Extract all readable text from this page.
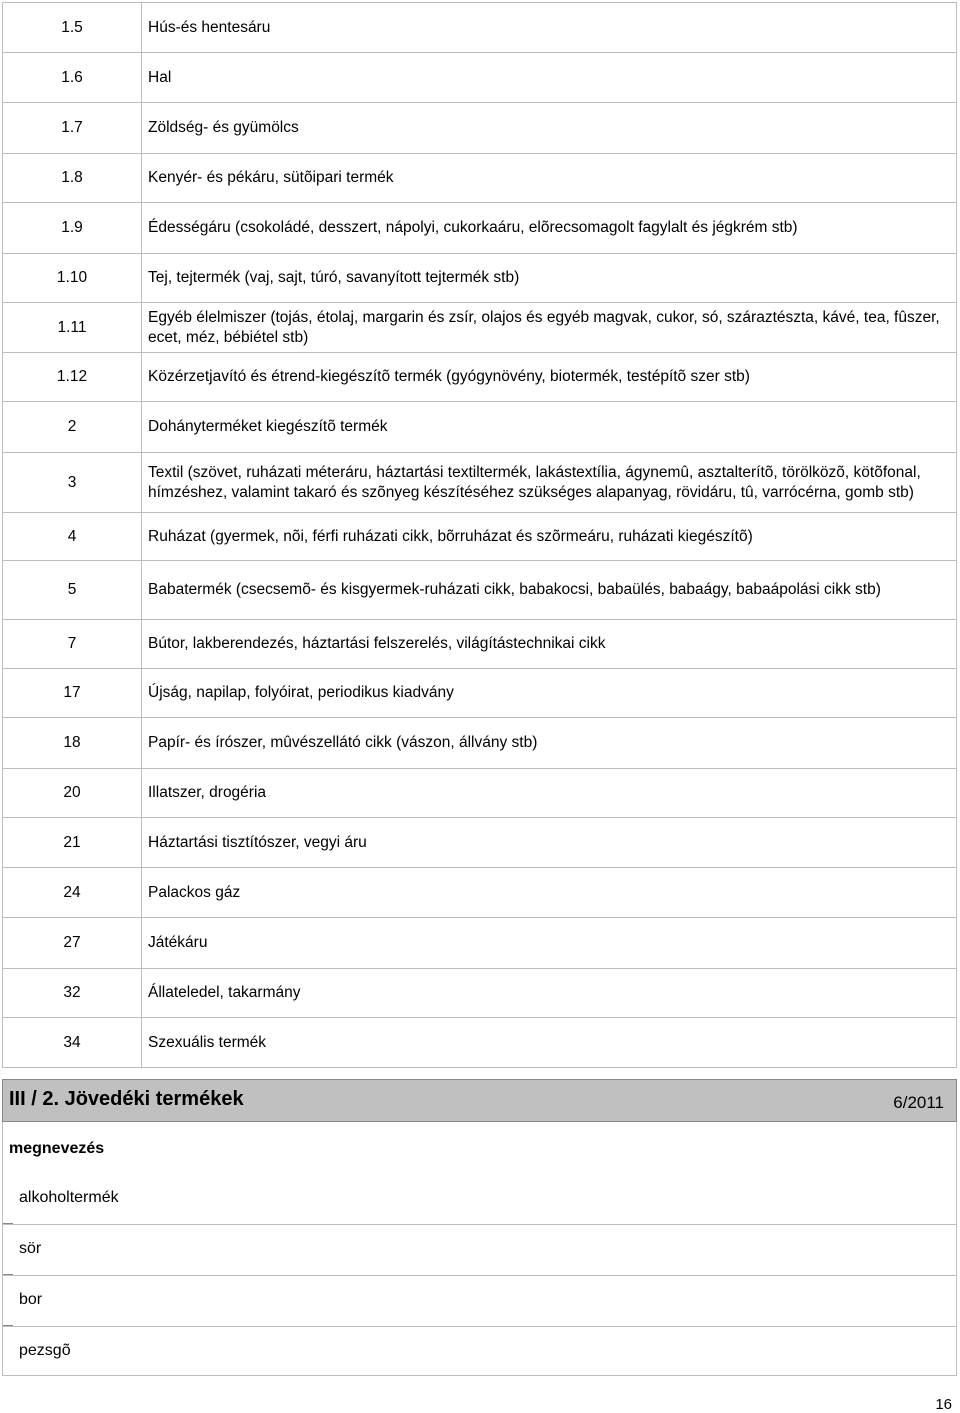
1.5	Hús-és hentesáru
1.6	Hal
1.7	Zöldség- és gyümölcs
1.8	Kenyér- és pékáru, sütõipari termék
1.9	Édességáru (csokoládé, desszert, nápolyi, cukorkaáru, elõrecsomagolt fagylalt és jégkrém stb)
1.10	Tej, tejtermék (vaj, sajt, túró, savanyított tejtermék stb)
1.11	Egyéb élelmiszer (tojás, étolaj, margarin és zsír, olajos és egyéb magvak, cukor, só, száraztészta, kávé, tea, fûszer, ecet, méz, bébiétel stb)
1.12	Közérzetjavító és étrend-kiegészítõ termék (gyógynövény, biotermék, testépítõ szer stb)
2	Dohányterméket kiegészítõ termék
3	Textil (szövet, ruházati méteráru, háztartási textiltermék, lakástextília, ágynemû, asztalterítõ, törölközõ, kötõfonal, hímzéshez, valamint takaró és szõnyeg készítéséhez szükséges alapanyag, rövidáru, tû, varrócérna, gomb stb)
4	Ruházat (gyermek, nõi, férfi ruházati cikk, bõrruházat és szõrmeáru, ruházati kiegészítõ)
5	Babatermék (csecsemõ- és kisgyermek-ruházati cikk, babakocsi, babaülés, babaágy, babaápolási cikk stb)
7	Bútor, lakberendezés, háztartási felszerelés, világítástechnikai cikk
17	Újság, napilap, folyóirat, periodikus kiadvány
18	Papír- és írószer, mûvészellátó cikk (vászon, állvány stb)
20	Illatszer, drogéria
21	Háztartási tisztítószer, vegyi áru
24	Palackos gáz
27	Játékáru
32	Állateledel, takarmány
34	Szexuális termék
III / 2. Jövedéki termékek	6/2011
megnevezés
alkoholtermék
sör
bor
pezsgõ
16
